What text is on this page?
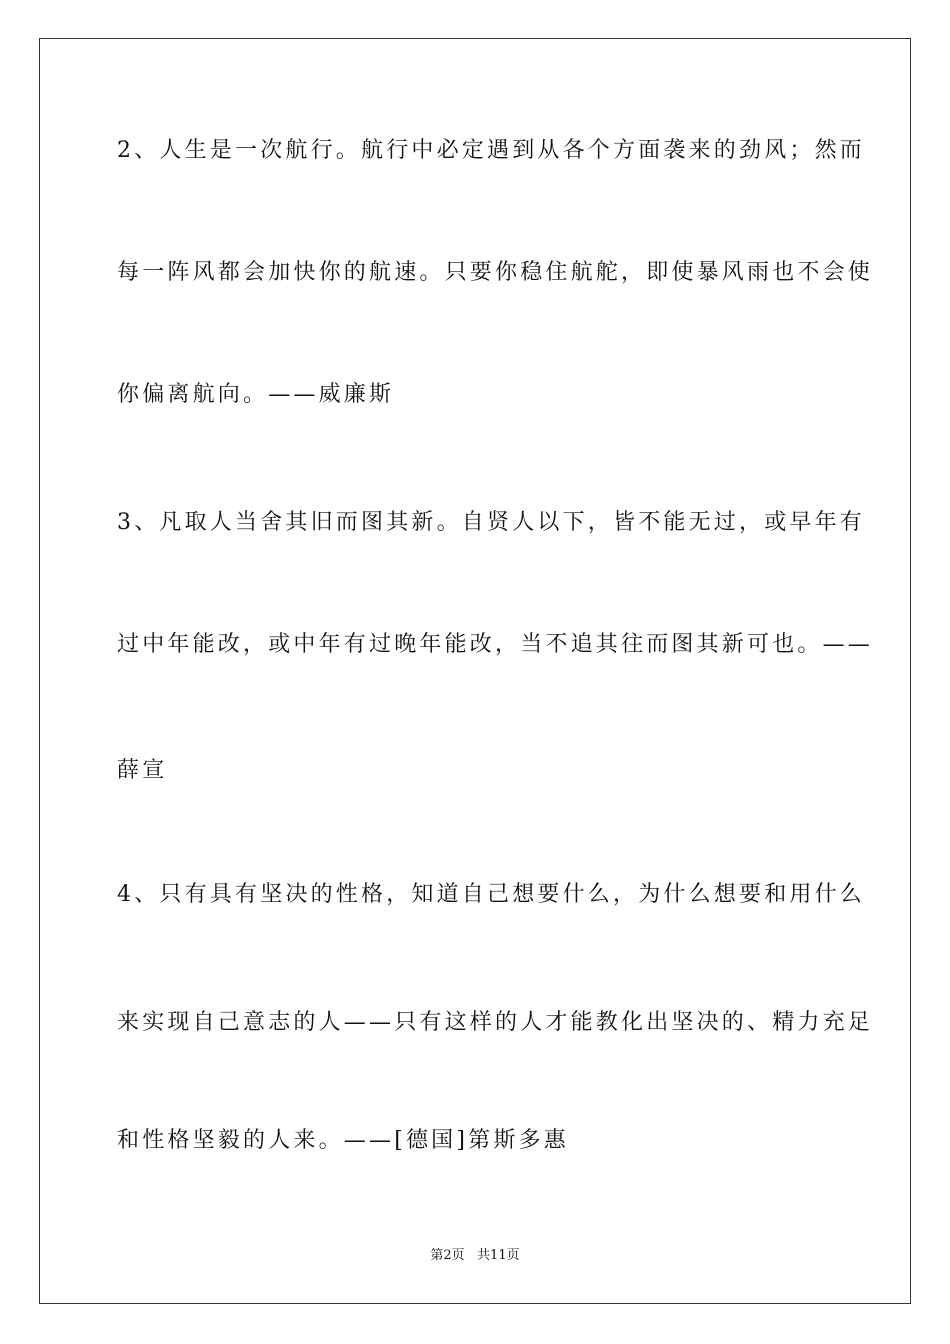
2、人生是一次航行。航行中必定遇到从各个方面袭来的劲风；然而
每一阵风都会加快你的航速。只要你稳住航舵，即使暴风雨也不会使
你偏离航向。——威廉斯
3、凡取人当舍其旧而图其新。自贤人以下，皆不能无过，或早年有
过中年能改，或中年有过晚年能改，当不追其往而图其新可也。——
薛宣
4、只有具有坚决的性格，知道自己想要什么，为什么想要和用什么
来实现自己意志的人——只有这样的人才能教化出坚决的、精力充足
和性格坚毅的人来。——[德国]第斯多惠
第2页   共11页
